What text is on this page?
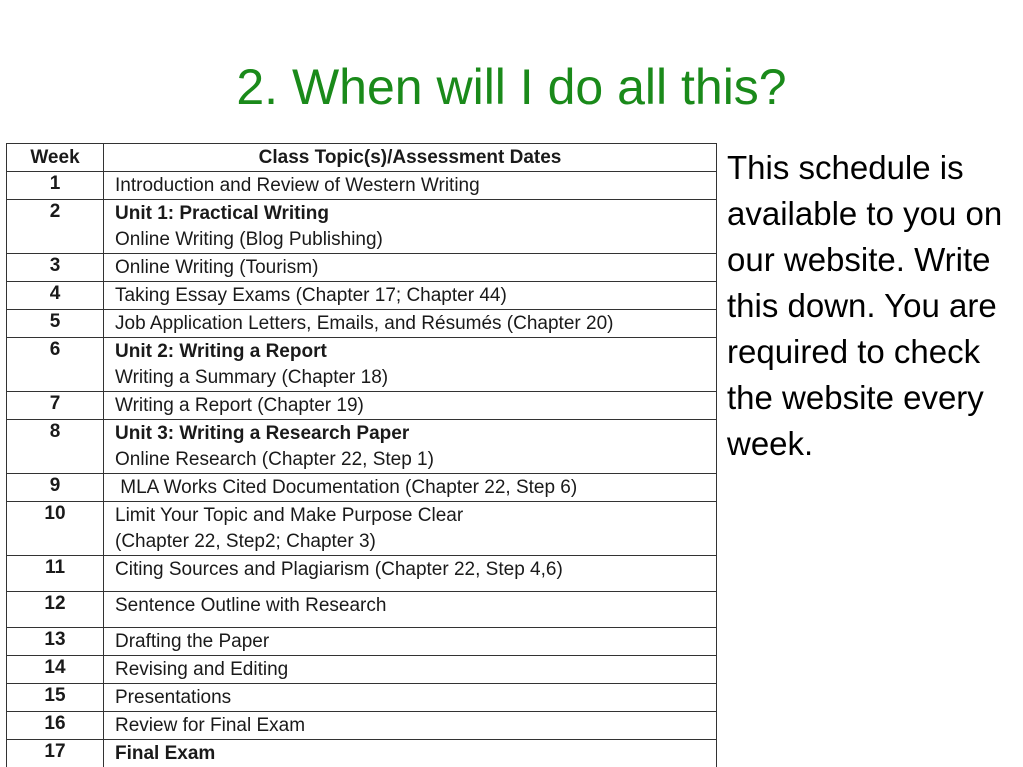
2. When will I do all this?
Week	Class Topic(s)/Assessment Dates
1	Introduction and Review of Western Writing

2	Unit 1: Practical Writing
Online Writing (Blog Publishing)

3	Online Writing (Tourism)

4	Taking Essay Exams (Chapter 17; Chapter 44)

5	Job Application Letters, Emails, and Résumés (Chapter 20)

6	Unit 2: Writing a Report
Writing a Summary (Chapter 18)

7	Writing a Report (Chapter 19)

8	Unit 3: Writing a Research Paper
Online Research (Chapter 22, Step 1)

9	MLA Works Cited Documentation (Chapter 22, Step 6)

10	Limit Your Topic and Make Purpose Clear
(Chapter 22, Step2; Chapter 3)

11	Citing Sources and Plagiarism (Chapter 22, Step 4,6)

12	Sentence Outline with Research

13	Drafting the Paper

14	Revising and Editing

15	Presentations

16	Review for Final Exam

17	Final Exam
This schedule is available to you on our website. Write this down. You are required to check the website every week.
